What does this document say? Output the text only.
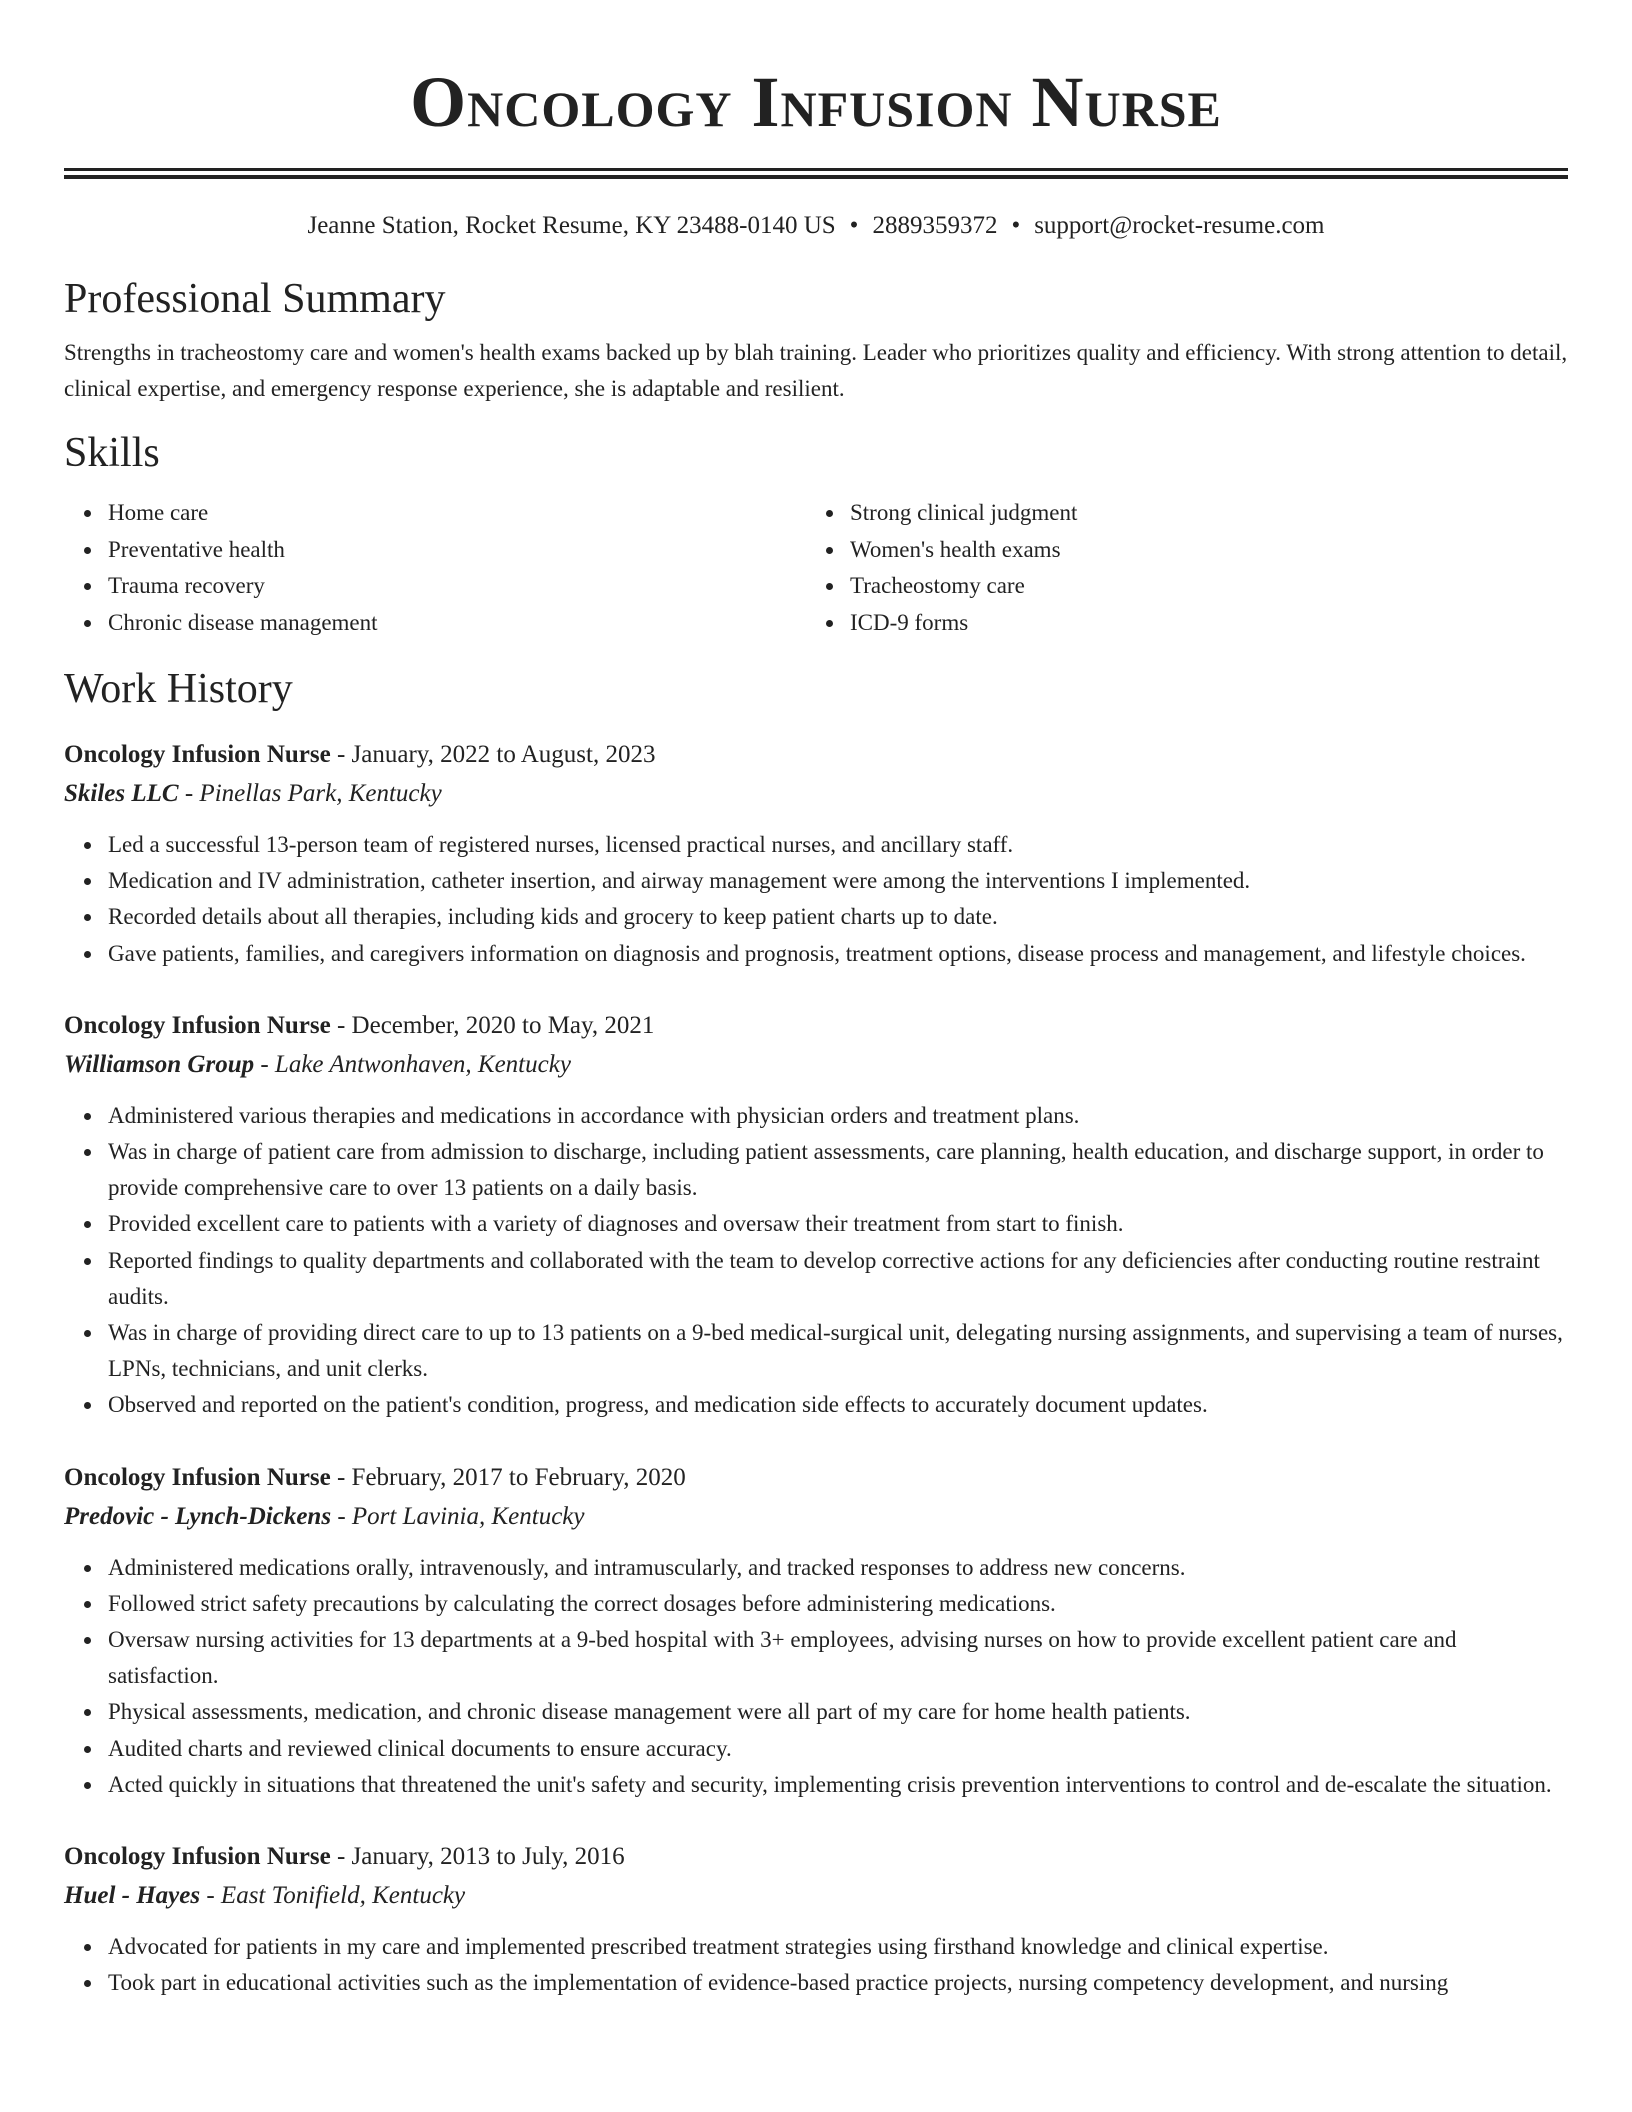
Oncology Infusion Nurse
Jeanne Station, Rocket Resume, KY 23488-0140 US • 2889359372 • support@rocket-resume.com
Professional Summary
Strengths in tracheostomy care and women's health exams backed up by blah training. Leader who prioritizes quality and efficiency. With strong attention to detail, clinical expertise, and emergency response experience, she is adaptable and resilient.
Skills
Home care
Preventative health
Trauma recovery
Chronic disease management
Strong clinical judgment
Women's health exams
Tracheostomy care
ICD-9 forms
Work History
Oncology Infusion Nurse - January, 2022 to August, 2023
Skiles LLC - Pinellas Park, Kentucky
Led a successful 13-person team of registered nurses, licensed practical nurses, and ancillary staff.
Medication and IV administration, catheter insertion, and airway management were among the interventions I implemented.
Recorded details about all therapies, including kids and grocery to keep patient charts up to date.
Gave patients, families, and caregivers information on diagnosis and prognosis, treatment options, disease process and management, and lifestyle choices.
Oncology Infusion Nurse - December, 2020 to May, 2021
Williamson Group - Lake Antwonhaven, Kentucky
Administered various therapies and medications in accordance with physician orders and treatment plans.
Was in charge of patient care from admission to discharge, including patient assessments, care planning, health education, and discharge support, in order to provide comprehensive care to over 13 patients on a daily basis.
Provided excellent care to patients with a variety of diagnoses and oversaw their treatment from start to finish.
Reported findings to quality departments and collaborated with the team to develop corrective actions for any deficiencies after conducting routine restraint audits.
Was in charge of providing direct care to up to 13 patients on a 9-bed medical-surgical unit, delegating nursing assignments, and supervising a team of nurses, LPNs, technicians, and unit clerks.
Observed and reported on the patient's condition, progress, and medication side effects to accurately document updates.
Oncology Infusion Nurse - February, 2017 to February, 2020
Predovic - Lynch-Dickens - Port Lavinia, Kentucky
Administered medications orally, intravenously, and intramuscularly, and tracked responses to address new concerns.
Followed strict safety precautions by calculating the correct dosages before administering medications.
Oversaw nursing activities for 13 departments at a 9-bed hospital with 3+ employees, advising nurses on how to provide excellent patient care and satisfaction.
Physical assessments, medication, and chronic disease management were all part of my care for home health patients.
Audited charts and reviewed clinical documents to ensure accuracy.
Acted quickly in situations that threatened the unit's safety and security, implementing crisis prevention interventions to control and de-escalate the situation.
Oncology Infusion Nurse - January, 2013 to July, 2016
Huel - Hayes - East Tonifield, Kentucky
Advocated for patients in my care and implemented prescribed treatment strategies using firsthand knowledge and clinical expertise.
Took part in educational activities such as the implementation of evidence-based practice projects, nursing competency development, and nursing
